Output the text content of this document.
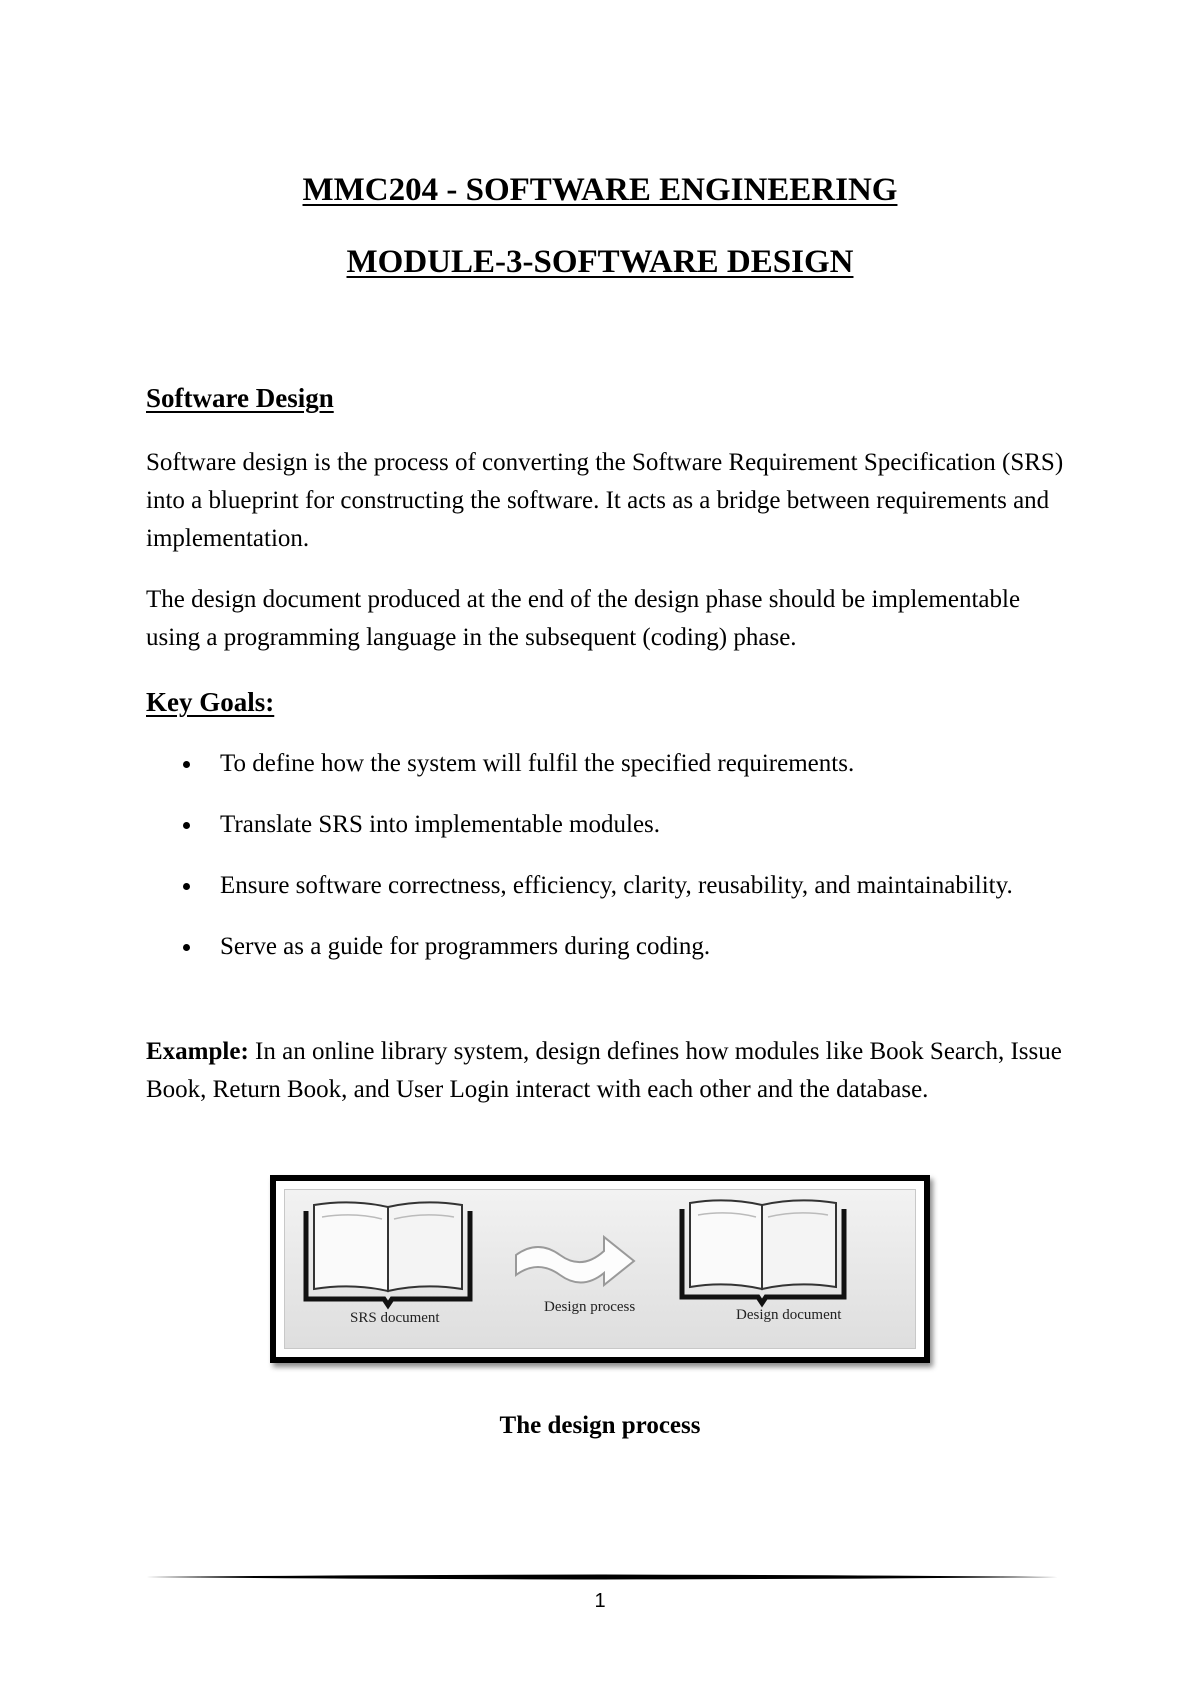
MMC204 - SOFTWARE ENGINEERING
MODULE-3-SOFTWARE DESIGN
Software Design
Software design is the process of converting the Software Requirement Specification (SRS) into a blueprint for constructing the software. It acts as a bridge between requirements and implementation.
The design document produced at the end of the design phase should be implementable using a programming language in the subsequent (coding) phase.
Key Goals:
To define how the system will fulfil the specified requirements.
Translate SRS into implementable modules.
Ensure software correctness, efficiency, clarity, reusability, and maintainability.
Serve as a guide for programmers during coding.
Example: In an online library system, design defines how modules like Book Search, Issue Book, Return Book, and User Login interact with each other and the database.
SRS document
Design process	Design document
The design process
1
